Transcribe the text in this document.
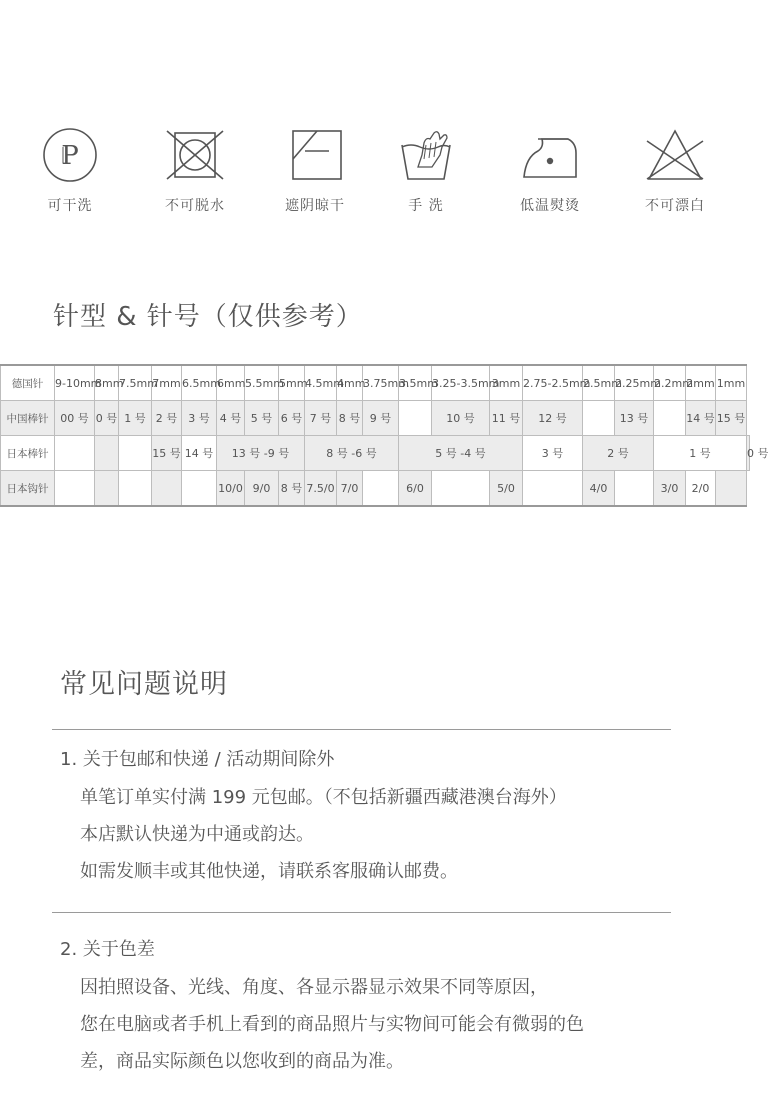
P
可干洗	不可脱水	遮阴晾干	手 洗	低温熨烫	不可漂白
针型 & 针号（仅供参考）
德国针	9-10mm	8mm	7.5mm	7mm	6.5mm	6mm	5.5mm	5mm	4.5mm	4mm	3.75mm	3.5mm	3.25-3.5mm	3mm	2.75-2.5mm	2.5mm	2.25mm	2.2mm	2mm	1mm	
中国棒针	00 号	0 号	1 号	2 号	3 号	4 号	5 号	6 号	7 号	8 号	9 号		10 号	11 号	12 号		13 号		14 号	15 号	
日本棒针				15 号	14 号	13 号 -9 号			8 号 -6 号			5 号 -4 号			3 号	2 号		1 号			0 号
日本钩针						10/0	9/0	8 号	7.5/0	7/0		6/0		5/0		4/0		3/0	2/0		
常见问题说明

1. 关于包邮和快递 / 活动期间除外

单笔订单实付满 199 元包邮。（不包括新疆西藏港澳台海外）

本店默认快递为中通或韵达。

如需发顺丰或其他快递，请联系客服确认邮费。

2. 关于色差

因拍照设备、光线、角度、各显示器显示效果不同等原因，

您在电脑或者手机上看到的商品照片与实物间可能会有微弱的色

差，商品实际颜色以您收到的商品为准。
